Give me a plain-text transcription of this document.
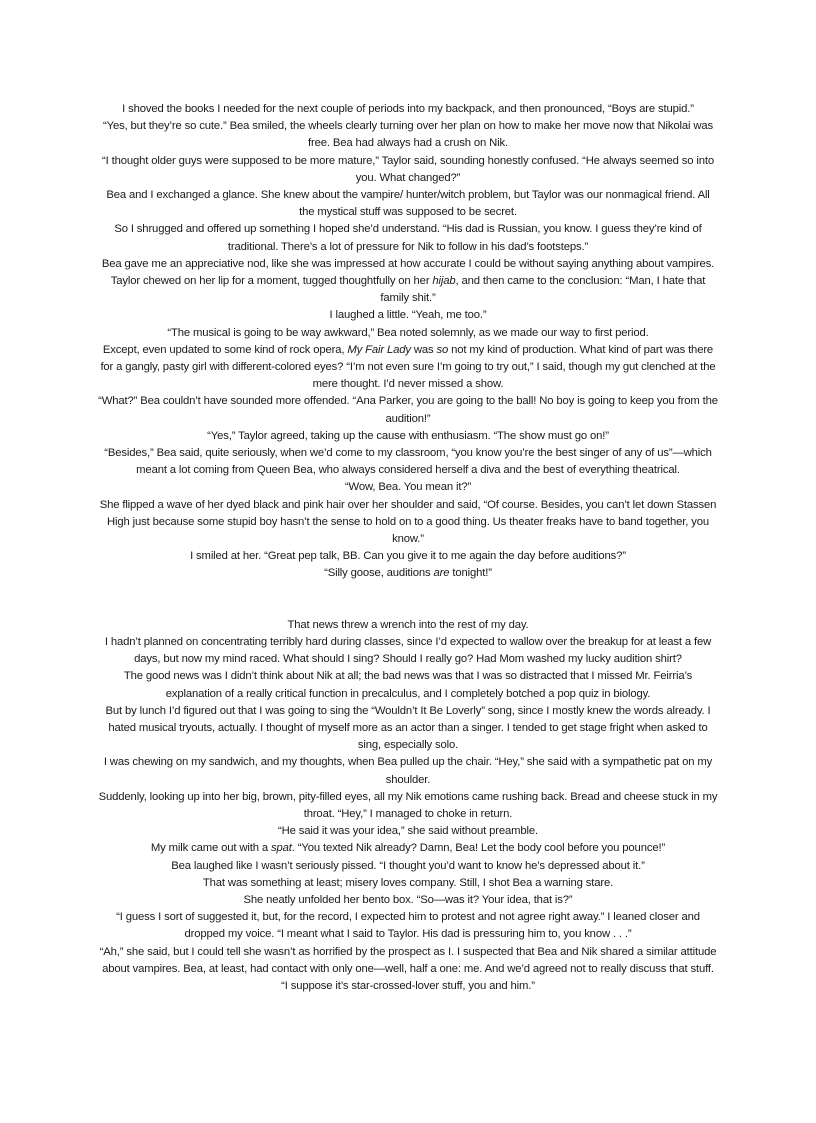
I shoved the books I needed for the next couple of periods into my backpack, and then pronounced, “Boys are stupid.”

“Yes, but they’re so cute.” Bea smiled, the wheels clearly turning over her plan on how to make her move now that Nikolai was free. Bea had always had a crush on Nik.

“I thought older guys were supposed to be more mature,” Taylor said, sounding honestly confused. “He always seemed so into you. What changed?”

Bea and I exchanged a glance. She knew about the vampire/ hunter/witch problem, but Taylor was our nonmagical friend. All the mystical stuff was supposed to be secret.

So I shrugged and offered up something I hoped she’d understand. “His dad is Russian, you know. I guess they’re kind of traditional. There’s a lot of pressure for Nik to follow in his dad’s footsteps.”

Bea gave me an appreciative nod, like she was impressed at how accurate I could be without saying anything about vampires.

Taylor chewed on her lip for a moment, tugged thoughtfully on her hijab, and then came to the conclusion: “Man, I hate that family shit.”

I laughed a little. “Yeah, me too.”

“The musical is going to be way awkward,” Bea noted solemnly, as we made our way to first period.

Except, even updated to some kind of rock opera, My Fair Lady was so not my kind of production. What kind of part was there for a gangly, pasty girl with different-colored eyes? “I’m not even sure I’m going to try out,” I said, though my gut clenched at the mere thought. I’d never missed a show.

“What?” Bea couldn’t have sounded more offended. “Ana Parker, you are going to the ball! No boy is going to keep you from the audition!”

“Yes,” Taylor agreed, taking up the cause with enthusiasm. “The show must go on!”

“Besides,” Bea said, quite seriously, when we’d come to my classroom, “you know you’re the best singer of any of us”—which meant a lot coming from Queen Bea, who always considered herself a diva and the best of everything theatrical.

“Wow, Bea. You mean it?”

She flipped a wave of her dyed black and pink hair over her shoulder and said, “Of course. Besides, you can’t let down Stassen High just because some stupid boy hasn’t the sense to hold on to a good thing. Us theater freaks have to band together, you know.”

I smiled at her. “Great pep talk, BB. Can you give it to me again the day before auditions?”

“Silly goose, auditions are tonight!”

That news threw a wrench into the rest of my day.

I hadn’t planned on concentrating terribly hard during classes, since I’d expected to wallow over the breakup for at least a few days, but now my mind raced. What should I sing? Should I really go? Had Mom washed my lucky audition shirt?

The good news was I didn’t think about Nik at all; the bad news was that I was so distracted that I missed Mr. Feirria’s explanation of a really critical function in precalculus, and I completely botched a pop quiz in biology.

But by lunch I’d figured out that I was going to sing the “Wouldn’t It Be Loverly” song, since I mostly knew the words already. I hated musical tryouts, actually. I thought of myself more as an actor than a singer. I tended to get stage fright when asked to sing, especially solo.

I was chewing on my sandwich, and my thoughts, when Bea pulled up the chair. “Hey,” she said with a sympathetic pat on my shoulder.

Suddenly, looking up into her big, brown, pity-filled eyes, all my Nik emotions came rushing back. Bread and cheese stuck in my throat. “Hey,” I managed to choke in return.

“He said it was your idea,” she said without preamble.

My milk came out with a spat. “You texted Nik already? Damn, Bea! Let the body cool before you pounce!”

Bea laughed like I wasn’t seriously pissed. “I thought you’d want to know he’s depressed about it.”

That was something at least; misery loves company. Still, I shot Bea a warning stare.

She neatly unfolded her bento box. “So—was it? Your idea, that is?”

“I guess I sort of suggested it, but, for the record, I expected him to protest and not agree right away.” I leaned closer and dropped my voice. “I meant what I said to Taylor. His dad is pressuring him to, you know . . .”

“Ah,” she said, but I could tell she wasn’t as horrified by the prospect as I. I suspected that Bea and Nik shared a similar attitude about vampires. Bea, at least, had contact with only one—well, half a one: me. And we’d agreed not to really discuss that stuff. “I suppose it’s star-crossed-lover stuff, you and him.”
